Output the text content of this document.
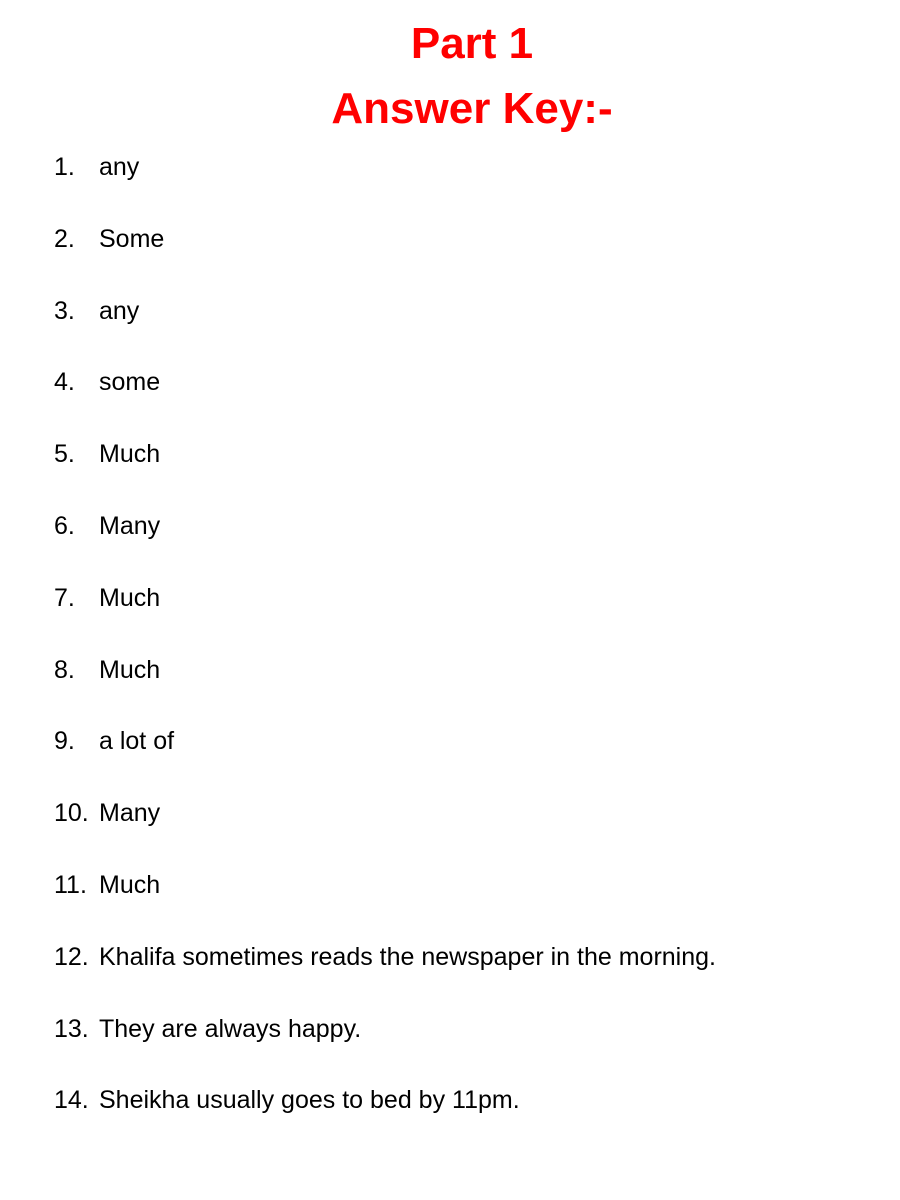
Part 1
Answer Key:-
1. any
2. Some
3. any
4. some
5. Much
6. Many
7. Much
8. Much
9. a lot of
10. Many
11. Much
12. Khalifa sometimes reads the newspaper in the morning.
13. They are always happy.
14. Sheikha usually goes to bed by 11pm.
